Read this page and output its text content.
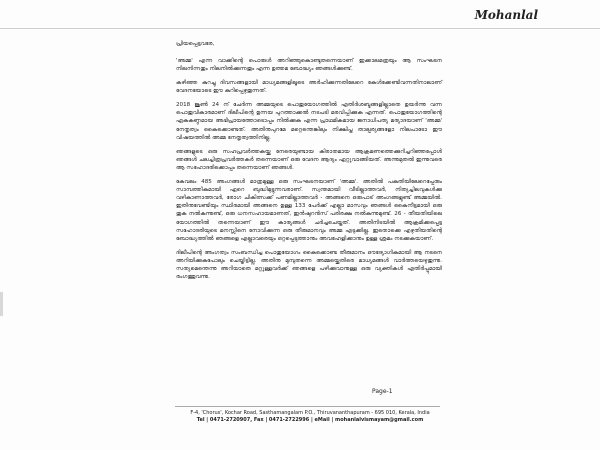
Mohanlal

പ്രിയപ്പെട്ടവരേ,

'അമ്മ' എന്ന വാക്കിന്റെ പൊരുൾ അറിഞ്ഞുകൊണ്ടുതന്നെയാണ് ഇക്കാലമത്രയും ആ സംഘടന നിലനിന്നതും നിലനിൽക്കുന്നതും എന്ന ഉത്തമ ബോദ്ധ്യം ഞങ്ങൾക്കുണ്ട്.

കഴിഞ്ഞ കുറച്ചു ദിവസങ്ങളായി മാധ്യമങ്ങളിലൂടെ അർഹിക്കുന്നതിലേറെ കേൾക്കേണ്ടിവന്നതിനാലാണ് വേദനയോടെ ഈ കുറിപ്പെഴുതുന്നത്.

2018 ജൂൺ 24 ന് ചേർന്ന അമ്മയുടെ പൊതുയോഗത്തിൽ എതിർശബ്ദങ്ങളില്ലാതെ ഉയർന്നു വന്ന പൊതുവികാരമാണ് ദിലീപിന്റെ ഉന്നയ പുറത്താക്കൽ നടപടി മരവിപ്പിക്കുക എന്നത്. പൊതുയോഗത്തിന്റെ ഏകകണ്ഠമായ അഭിപ്രായത്തോടൊപ്പം നിൽക്കുക എന്ന പ്രാഥമികമായ ജനാധിപത്യ മര്യാദയാണ് 'അമ്മ' നേതൃത്വം കൈക്കൊണ്ടത്. അതിനുപുറമേ മറ്റെന്തെങ്കിലും നിക്ഷിപ്ത താല്പര്യങ്ങളോ നിലപാടോ ഈ വിഷയത്തിൽ അമ്മ നേതൃത്വത്തിനില്ല.

ഞങ്ങളുടെ ഒരു സഹപ്രവർത്തകയ്ക്കു നേരെയുണ്ടായ കിരാതമായ ആക്രമണത്തെക്കുറിച്ചറിഞ്ഞപ്പോൾ ഞങ്ങൾ ചലച്ചിത്രപ്രവർത്തകർ തന്നെയാണ് ഒരു വേദന ആദ്യം ഏറ്റുവാങ്ങിയത്. അന്നുമുതൽ ഇന്നുവരെ ആ സഹോദരിക്കൊപ്പം തന്നെയാണ് ഞങ്ങൾ.

കേവലം 485 അംഗങ്ങൾ മാത്രമുള്ള ഒരു സംഘടനയാണ് 'അമ്മ'. അതിൽ പകുതിയിലേറെപ്പേരും സാമ്പത്തികമായി ഏറെ ബുദ്ധിമുട്ടുന്നവരാണ്. സ്വന്തമായി വീടില്ലാത്തവർ, നിത്യച്ചിലവുകൾക്കു വഴികാണാത്തവർ, രോഗ ചികിത്സക്ക് പണമില്ലാത്തവർ - അങ്ങനെ ഒരുപാട് അംഗങ്ങളുണ്ട് അമ്മയിൽ. ഇതിനുവേണ്ടിയും സ്ഥിരമായി അങ്ങനെ ഉള്ള 133 പേർക്ക് എല്ലാ മാസവും ഞങ്ങൾ കൈനീട്ടമായി ഒരു തുക നൽകുന്നുണ്ട്, ഒരു ധനസഹായമാണത്, ഇൻഷുറൻസ് പരിരക്ഷ നൽകുന്നുമുണ്ട്. 26 - തീയതിയിലെ യോഗത്തിൽ തന്നെയാണ് ഈ കാര്യങ്ങൾ ചർച്ചചെയ്തത്. അതിനിടയിൽ ആക്രമിക്കപ്പെട്ട സഹോദരിയുടെ മനസ്സിനെ നോവിക്കുന്ന ഒരു തീരുമാനവും അമ്മ എടുക്കില്ല. ഇതൊക്കെ എഴുതിയതിന്റെ ബോദ്ധ്യത്തിൽ ഞങ്ങളെ എല്ലാവരെയും ഒറ്റപ്പെടുത്താനും അവഹേളിക്കാനും ഉള്ള ശ്രമം നടക്കുകയാണ്.

ദിലീപിന്റെ അംഗത്വം സംബന്ധിച്ച പൊതുയോഗം കൈക്കൊണ്ട തീരുമാനം ഔദ്യോഗികമായി ആ നടനെ അറിയിക്കുകപോലും ചെയ്തിട്ടില്ല. അതിനു മുമ്പുതന്നെ അമ്മയ്ക്കെതിരെ മാധ്യമങ്ങൾ വാർത്തയെഴുതുന്നു. സത്യമെന്തെന്നു അറിയാതെ മറ്റുള്ളവർക്ക് ഞങ്ങളെ പഴിക്കുവാനുള്ള ഒരു വ്യക്തികൾ എതിർപ്പുമായി രംഗത്തുവന്നു.

Page-1
F-4, 'Chorus', Kochar Road, Sasthamangalam P.O., Thiruvananthapuram - 695 010, Kerala, India
Tel | 0471-2720907, Fax | 0471-2722996 | eMail | mohanlalvismayam@gmail.com
